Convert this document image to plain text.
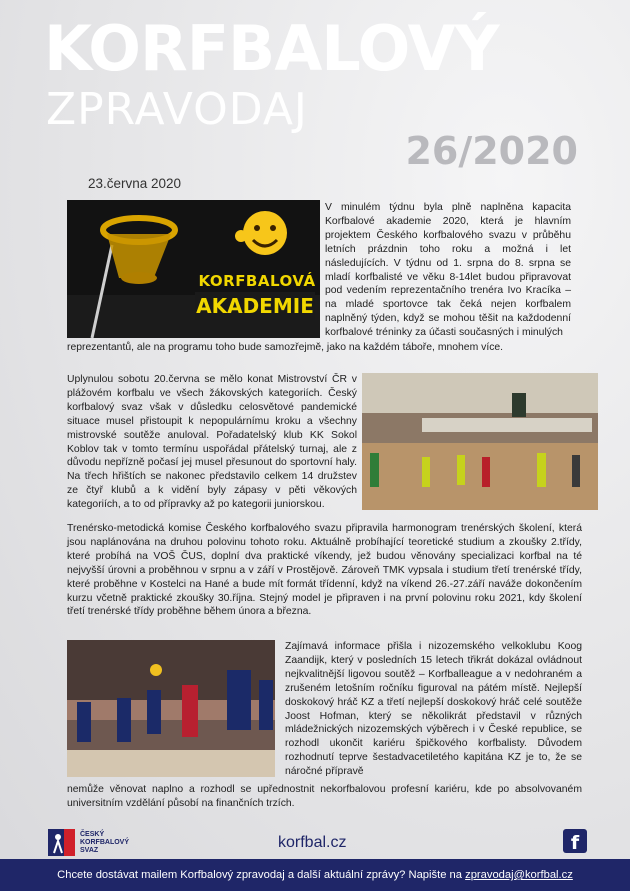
KORFBALOVÝ
ZPRAVODAJ
26/2020
23.června 2020
KORFBALOVÁ
AKADEMIE
V minulém týdnu byla plně naplněna kapacita Korfbalové akademie 2020, která je hlavním projektem Českého korfbalového svazu v průběhu letních prázdnin toho roku a možná i let následujících. V týdnu od 1. srpna do 8. srpna se mladí korfbalisté ve věku 8-14let budou připravovat pod vedením reprezentačního trenéra Ivo Kracíka – na mladé sportovce tak čeká nejen korfbalem naplněný týden, když se mohou těšit na každodenní korfbalové tréninky za účasti současných i minulých
reprezentantů, ale na programu toho bude samozřejmě, jako na každém táboře, mnohem více.
Uplynulou sobotu 20.června se mělo konat Mistrovství ČR v plážovém korfbalu ve všech žákovských kategoriích. Český korfbalový svaz však v důsledku celosvětové pandemické situace musel přistoupit k nepopulárnímu kroku a všechny mistrovské soutěže anuloval. Pořadatelský klub KK Sokol Koblov tak v tomto termínu uspořádal přátelský turnaj, ale z důvodu nepřízně počasí jej musel přesunout do sportovní haly. Na třech hřištích se nakonec představilo celkem 14 družstev ze čtyř klubů a k vidění byly zápasy v pěti věkových kategoriích, a to od přípravky až po kategorii juniorskou.
Trenérsko-metodická komise Českého korfbalového svazu připravila harmonogram trenérských školení, která jsou naplánována na druhou polovinu tohoto roku. Aktuálně probíhající teoretické studium a zkoušky 2.třídy, které probíhá na VOŠ ČUS, doplní dva praktické víkendy, jež budou věnovány specializaci korfbal na té nejvyšší úrovni a proběhnou v srpnu a v září v Prostějově. Zároveň TMK vypsala i studium třetí trenérské třídy, které proběhne v Kostelci na Hané a bude mít formát třídenní, když na víkend 26.-27.září naváže dokončením kurzu včetně praktické zkoušky 30.října. Stejný model je připraven i na první polovinu roku 2021, kdy školení třetí trenérské třídy proběhne během února a března.
Zajímavá informace přišla i nizozemského velkoklubu Koog Zaandijk, který v posledních 15 letech třikrát dokázal ovládnout nejkvalitnější ligovou soutěž – Korfballeague a v nedohraném a zrušeném letošním ročníku figuroval na pátém místě. Nejlepší doskokový hráč KZ a třetí nejlepší doskokový hráč celé soutěže Joost Hofman, který se několikrát představil v různých mládežnických nizozemských výběrech i v České republice, se rozhodl ukončit kariéru špičkového korfbalisty. Důvodem rozhodnutí teprve šestadvacetiletého kapitána KZ je to, že se náročné přípravě
nemůže věnovat naplno a rozhodl se upřednostnit nekorfbalovou profesní kariéru, kde po absolvovaném universitním vzdělání působí na finančních trzích.
ČESKÝ
KORFBALOVÝ
SVAZ	korfbal.cz	f
Chcete dostávat mailem Korfbalový zpravodaj a další aktuální zprávy? Napište na zpravodaj@korfbal.cz
